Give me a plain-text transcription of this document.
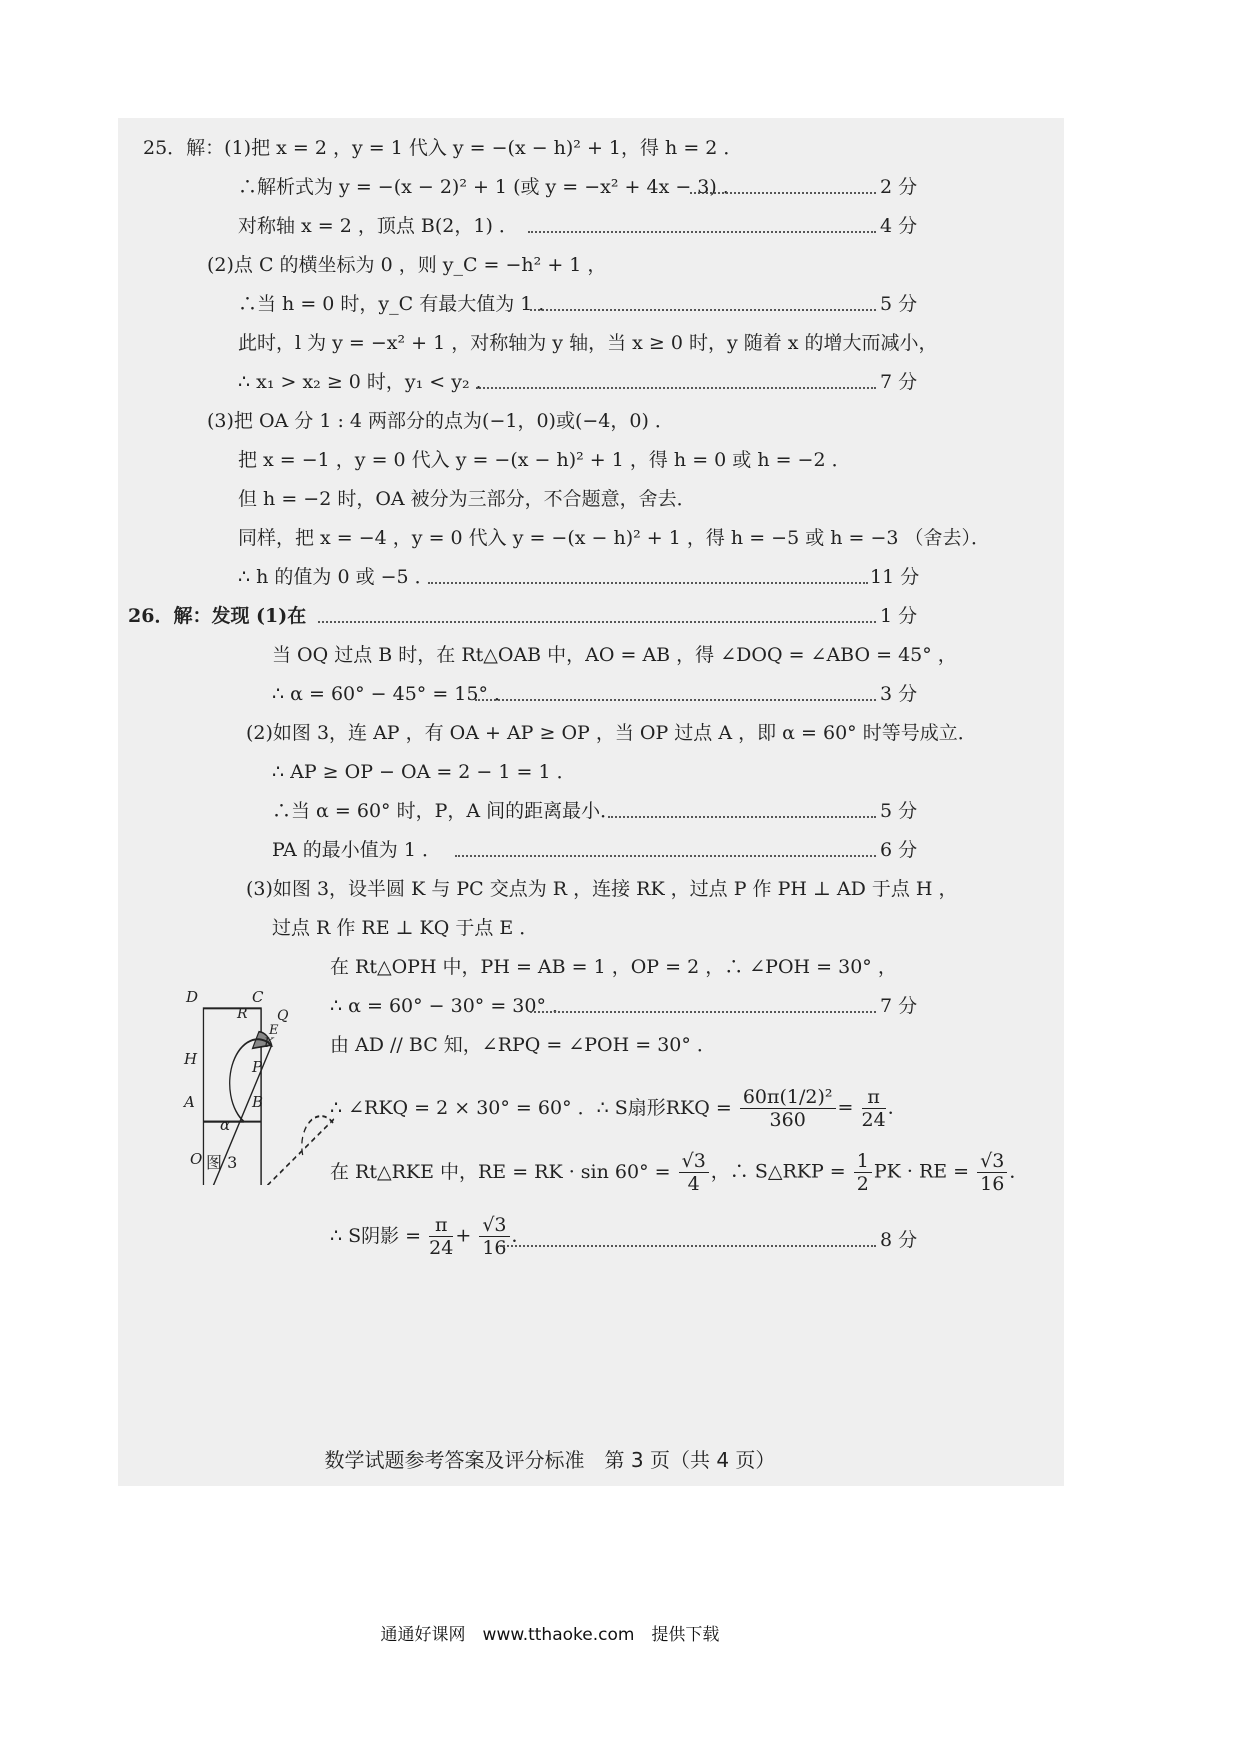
25．解：(1)把 x = 2 ，y = 1 代入 y = −(x − h)² + 1，得 h = 2 ．
∴解析式为 y = −(x − 2)² + 1 (或 y = −x² + 4x − 3) ．	2 分
对称轴 x = 2 ，顶点 B(2，1) ．	4 分
(2)点 C 的横坐标为 0 ，则 y_C = −h² + 1 ，
∴当 h = 0 时，y_C 有最大值为 1 ．	5 分
此时，l 为 y = −x² + 1 ，对称轴为 y 轴，当 x ≥ 0 时，y 随着 x 的增大而减小，
∴ x₁ > x₂ ≥ 0 时，y₁ < y₂ ．	7 分
(3)把 OA 分 1 : 4 两部分的点为(−1，0)或(−4，0) ．
把 x = −1 ，y = 0 代入 y = −(x − h)² + 1 ，得 h = 0 或 h = −2 ．
但 h = −2 时，OA 被分为三部分，不合题意，舍去．
同样，把 x = −4 ，y = 0 代入 y = −(x − h)² + 1 ，得 h = −5 或 h = −3 （舍去）．
∴ h 的值为 0 或 −5 ．	11 分
26．解：发现 (1)在	1 分
当 OQ 过点 B 时，在 Rt△OAB 中，AO = AB ，得 ∠DOQ = ∠ABO = 45° ，
∴ α = 60° − 45° = 15° ．	3 分
(2)如图 3，连 AP ，有 OA + AP ≥ OP ，当 OP 过点 A ，即 α = 60° 时等号成立．
∴ AP ≥ OP − OA = 2 − 1 = 1 ．
∴当 α = 60° 时，P，A 间的距离最小．	5 分
PA 的最小值为 1 ．	6 分
(3)如图 3，设半圆 K 与 PC 交点为 R ，连接 RK ，过点 P 作 PH ⊥ AD 于点 H ，
过点 R 作 RE ⊥ KQ 于点 E ．
在 Rt△OPH 中，PH = AB = 1 ，OP = 2 ，∴ ∠POH = 30° ，
∴ α = 60° − 30° = 30° ．	7 分
由 AD // BC 知，∠RPQ = ∠POH = 30° ．
∴ ∠RKQ = 2 × 30° = 60° ．∴ S扇形RKQ = $\frac{\text{60π(1/2)²}}{360} = \frac{\pi}{24}$ ．
在 Rt△RKE 中，RE = RK · $\sin 60^\circ = \frac{√3}{4}$ ，∴ S△RKP = $\frac{1}{2}$ PK · RE = $\frac{√3}{16}$ ．
∴ S阴影 = $\frac{\pi}{24} + \frac{√3}{16}$ ．	8 分
D	C
R Q
E
K
H	P
A	B
O
α
图 3
数学试题参考答案及评分标准　第 3 页（共 4 页）
通通好课网　www.tthaoke.com　提供下载
